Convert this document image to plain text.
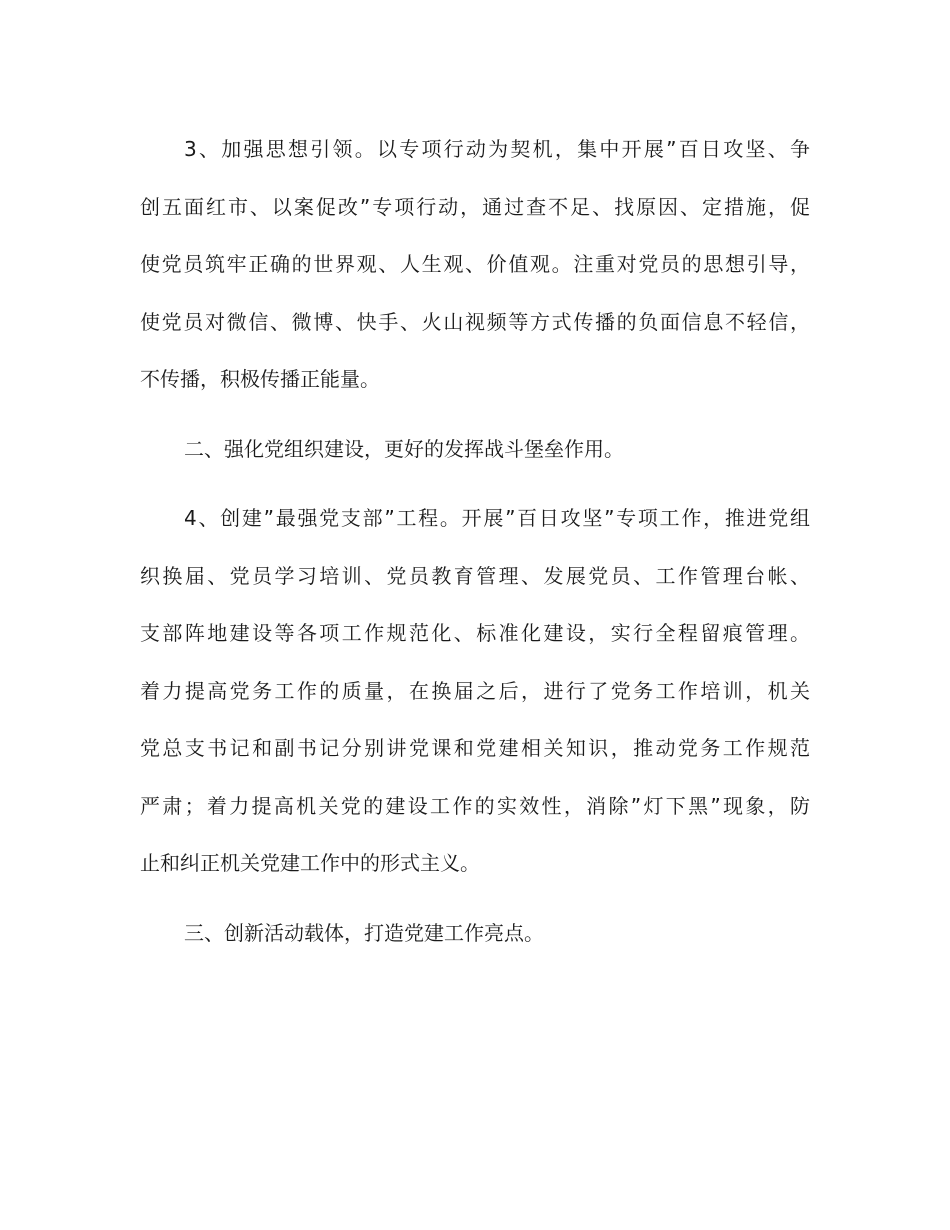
3、加强思想引领。以专项行动为契机，集中开展”百日攻坚、争
创五面红市、以案促改”专项行动，通过查不足、找原因、定措施，促
使党员筑牢正确的世界观、人生观、价值观。注重对党员的思想引导，
使党员对微信、微博、快手、火山视频等方式传播的负面信息不轻信，
不传播，积极传播正能量。
二、强化党组织建设，更好的发挥战斗堡垒作用。
4、创建”最强党支部”工程。开展”百日攻坚”专项工作，推进党组
织换届、党员学习培训、党员教育管理、发展党员、工作管理台帐、
支部阵地建设等各项工作规范化、标准化建设，实行全程留痕管理。
着力提高党务工作的质量，在换届之后，进行了党务工作培训，机关
党总支书记和副书记分别讲党课和党建相关知识，推动党务工作规范
严肃；着力提高机关党的建设工作的实效性，消除”灯下黑”现象，防
止和纠正机关党建工作中的形式主义。
三、创新活动载体，打造党建工作亮点。
